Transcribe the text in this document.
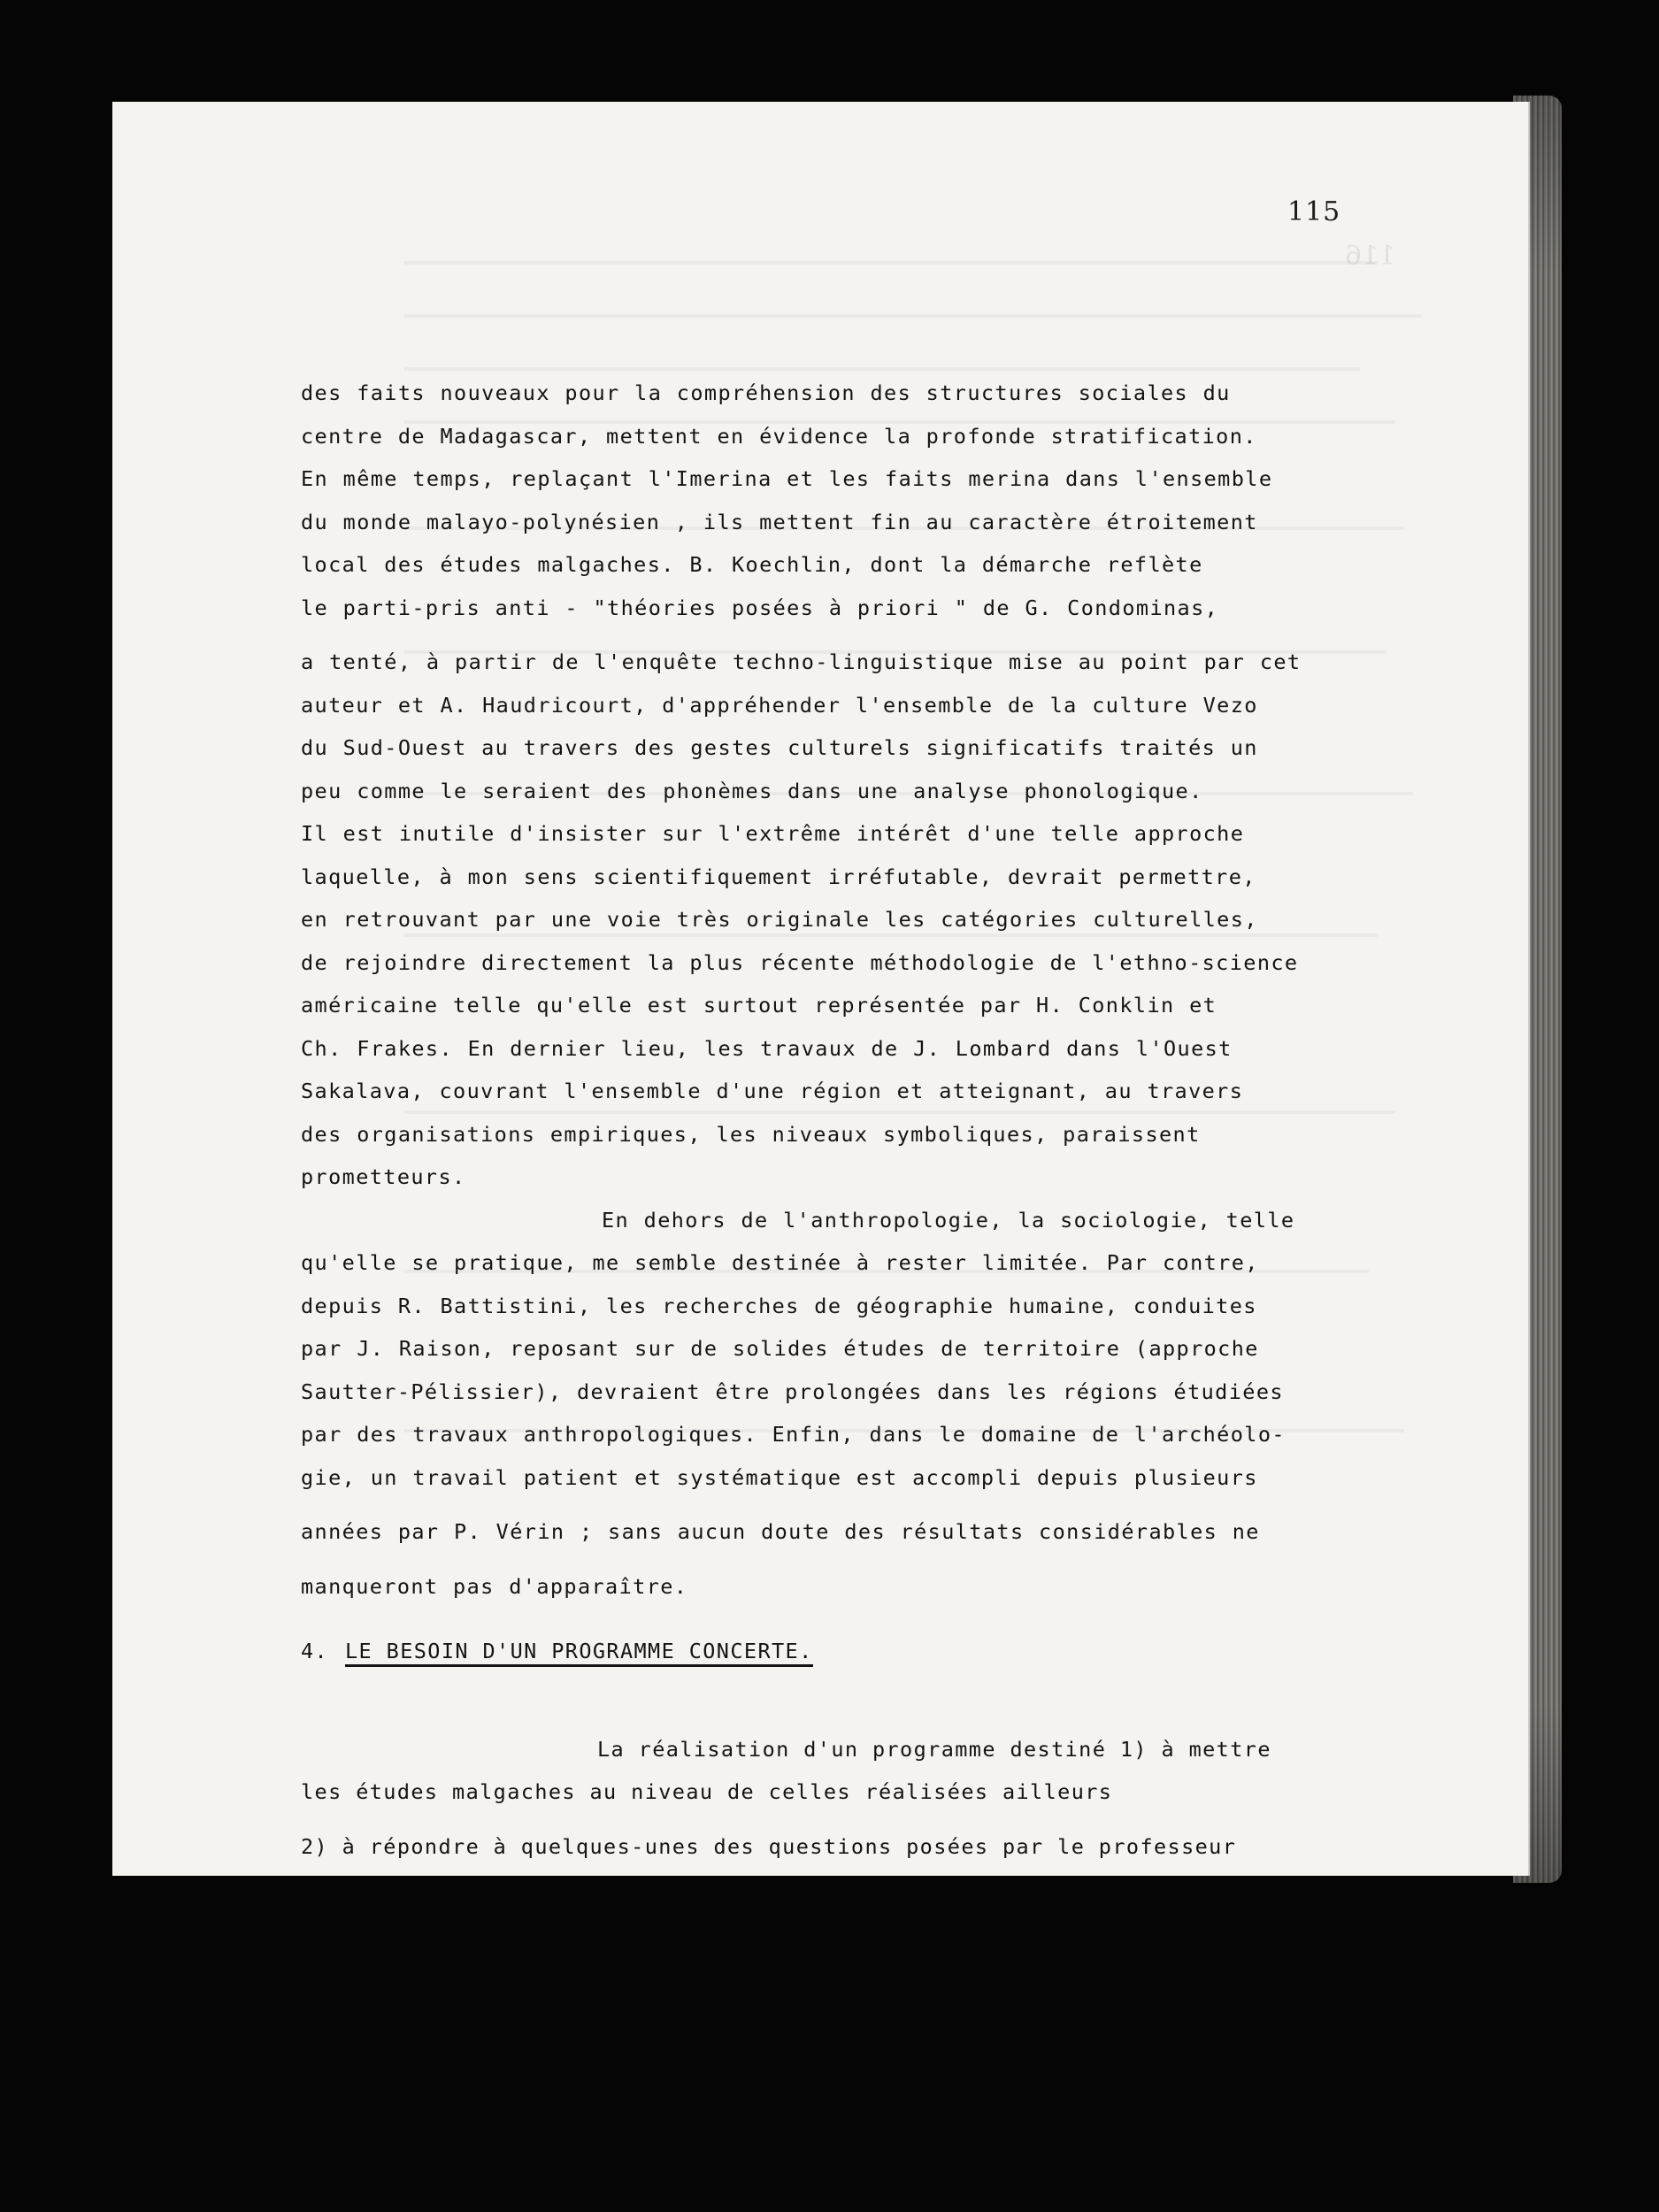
116
115
des faits nouveaux pour la compréhension des structures sociales du
centre de Madagascar, mettent en évidence la profonde stratification.
En même temps, replaçant l'Imerina et les faits merina dans l'ensemble
du monde malayo-polynésien , ils mettent fin au caractère étroitement
local des études malgaches. B. Koechlin, dont la démarche reflète
le parti-pris anti - "théories posées à priori " de G. Condominas,
a tenté, à partir de l'enquête techno-linguistique mise au point par cet
auteur et A. Haudricourt, d'appréhender l'ensemble de la culture Vezo
du Sud-Ouest au travers des gestes culturels significatifs traités un
peu comme le seraient des phonèmes dans une analyse phonologique.
Il est inutile d'insister sur l'extrême intérêt d'une telle approche
laquelle, à mon sens scientifiquement irréfutable, devrait permettre,
en retrouvant par une voie très originale les catégories culturelles,
de rejoindre directement la plus récente méthodologie de l'ethno-science
américaine telle qu'elle est surtout représentée par H. Conklin et
Ch. Frakes. En dernier lieu, les travaux de J. Lombard dans l'Ouest
Sakalava, couvrant l'ensemble d'une région et atteignant, au travers
des organisations empiriques, les niveaux symboliques, paraissent
prometteurs.
En dehors de l'anthropologie, la sociologie, telle
qu'elle se pratique, me semble destinée à rester limitée. Par contre,
depuis R. Battistini, les recherches de géographie humaine, conduites
par J. Raison, reposant sur de solides études de territoire (approche
Sautter-Pélissier), devraient être prolongées dans les régions étudiées
par des travaux anthropologiques. Enfin, dans le domaine de l'archéolo-
gie, un travail patient et systématique est accompli depuis plusieurs
années par P. Vérin ; sans aucun doute des résultats considérables ne
manqueront pas d'apparaître.
4. LE BESOIN D'UN PROGRAMME CONCERTE.
La réalisation d'un programme destiné 1) à mettre
les études malgaches au niveau de celles réalisées ailleurs
2) à répondre à quelques-unes des questions posées par le professeur
